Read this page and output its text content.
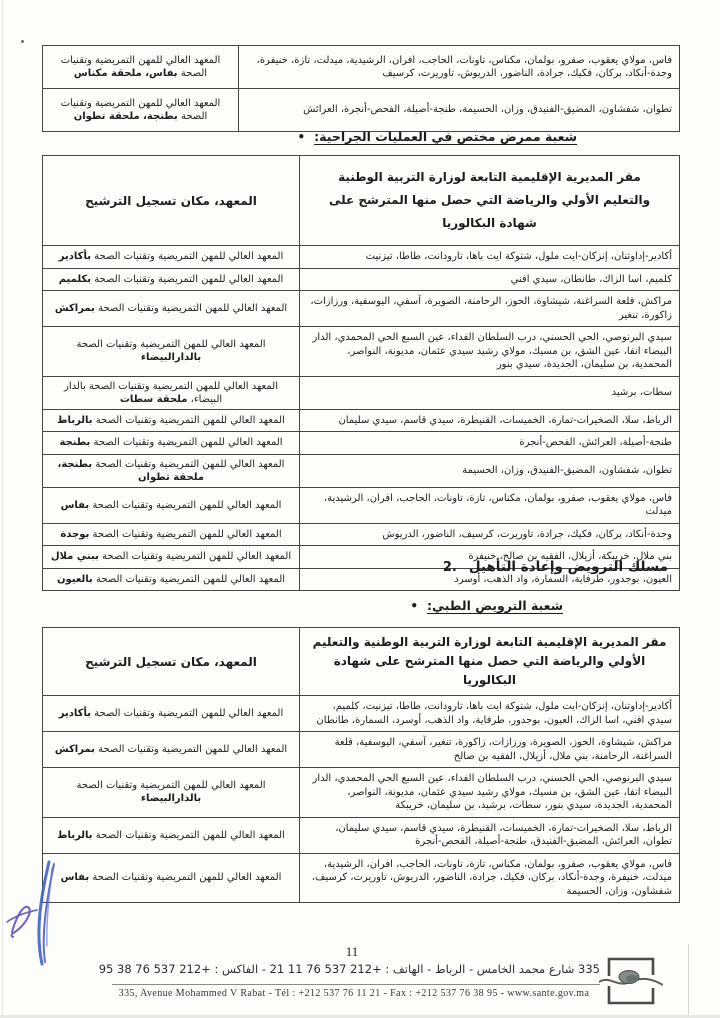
فاس، مولاي يعقوب، صفرو، بولمان، مكناس، تاونات، الحاجب، افران، الرشيدية، ميدلت، تازة، خنيفرة، وجدة-أنكاد، بركان، فكيك، جرادة، الناضور، الدريوش، تاوريرت، كرسيف	المعهد العالي للمهن التمريضية وتقنيات الصحة بفاس، ملحقة مكناس
تطوان، شفشاون، المضيق-الفنيدق، وزان، الحسيمة، طنجة-أصيلة، الفحص-أنجرة، العرائش	المعهد العالي للمهن التمريضية وتقنيات الصحة بطنجة، ملحقة تطوان
• شعبة ممرض مختص في العمليات الجراحية:
مقر المديرية الإقليمية التابعة لوزارة التربية الوطنية والتعليم الأولي والرياضة التي حصل منها المترشح على شهادة البكالوريا	المعهد، مكان تسجيل الترشيح
أكادير-إداوتنان، إنزكان-ايت ملول، شتوكة ايت باها، تارودانت، طاطا، تيزنيت	المعهد العالي للمهن التمريضية وتقنيات الصحة بأكادير
كلميم، اسا الزاك، طانطان، سيدي افني	المعهد العالي للمهن التمريضية وتقنيات الصحة بكلميم
مراكش، قلعة السراغنة، شيشاوة، الحوز، الرحامنة، الصويرة، آسفي، اليوسفية، ورزازات، زاكورة، تنغير	المعهد العالي للمهن التمريضية وتقنيات الصحة بمراكش
سيدي البرنوصي، الحي الحسني، درب السلطان الفداء، عين السبع الحي المحمدي، الدار البيضاء انفا، عين الشق، بن مسيك، مولاي رشيد سيدي عثمان، مديونة، النواصر، المحمدية، بن سليمان، الجديدة، سيدي بنور	المعهد العالي للمهن التمريضية وتقنيات الصحة بالدارالبيضاء
سطات، برشيد	المعهد العالي للمهن التمريضية وتقنيات الصحة بالدار البيضاء، ملحقة سطات
الرباط، سلا، الصخيرات-تمارة، الخميسات، القنيطرة، سيدي قاسم، سيدي سليمان	المعهد العالي للمهن التمريضية وتقنيات الصحة بالرباط
طنجة-أصيلة، العرائش، الفحص-أنجرة	المعهد العالي للمهن التمريضية وتقنيات الصحة بطنجة
تطوان، شفشاون، المضيق-الفنيدق، وزان، الحسيمة	المعهد العالي للمهن التمريضية وتقنيات الصحة بطنجة، ملحقة تطوان
فاس، مولاي يعقوب، صفرو، بولمان، مكناس، تازة، تاونات، الحاجب، افران، الرشيدية، ميدلت	المعهد العالي للمهن التمريضية وتقنيات الصحة بفاس
وجدة-أنكاد، بركان، فكيك، جرادة، تاوريرت، كرسيف، الناضور، الدريوش	المعهد العالي للمهن التمريضية وتقنيات الصحة بوجدة
بني ملال، خريبكة، أزيلال، الفقيه بن صالح، خنيفرة	المعهد العالي للمهن التمريضية وتقنيات الصحة ببني ملال
العيون، بوجدور، طرفاية، السمارة، واد الذهب، أوسرد	المعهد العالي للمهن التمريضية وتقنيات الصحة بالعيون
2. مسلك الترويض وإعادة التأهيل
• شعبة الترويض الطبي:
مقر المديرية الإقليمية التابعة لوزارة التربية الوطنية والتعليم الأولي والرياضة التي حصل منها المترشح على شهادة البكالوريا	المعهد، مكان تسجيل الترشيح
أكادير-إداوتنان، إنزكان-ايت ملول، شتوكة ايت باها، تارودانت، طاطا، تيزنيت، كلميم، سيدي افني، اسا الزاك، العيون، بوجدور، طرفاية، واد الذهب، أوسرد، السمارة، طانطان	المعهد العالي للمهن التمريضية وتقنيات الصحة بأكادير
مراكش، شيشاوة، الحوز، الصويرة، ورزازات، زاكورة، تنغير، آسفي، اليوسفية، قلعة السراغنة، الرحامنة، بني ملال، أزيلال، الفقيه بن صالح	المعهد العالي للمهن التمريضية وتقنيات الصحة بمراكش
سيدي البرنوصي، الحي الحسني، درب السلطان الفداء، عين السبع الحي المحمدي، الدار البيضاء انفا، عين الشق، بن مسيك، مولاي رشيد سيدي عثمان، مديونة، النواصر، المحمدية، الجديدة، سيدي بنور، سطات، برشيد، بن سليمان، خريبكة	المعهد العالي للمهن التمريضية وتقنيات الصحة بالدارالبيضاء
الرباط، سلا، الصخيرات-تمارة، الخميسات، القنيطرة، سيدي قاسم، سيدي سليمان، تطوان، العرائش، المضيق-الفنيدق، طنجة-أصيلة، الفحص-أنجرة	المعهد العالي للمهن التمريضية وتقنيات الصحة بالرباط
فاس، مولاي يعقوب، صفرو، بولمان، مكناس، تازة، تاونات، الحاجب، افران، الرشيدية، ميدلت، خنيفرة، وجدة-أنكاد، بركان، فكيك، جرادة، الناضور، الدريوش، تاوريرت، كرسيف، شفشاون، وزان، الحسيمة	المعهد العالي للمهن التمريضية وتقنيات الصحة بفاس
11
335 شارع محمد الخامس - الرباط - الهاتف : +212 537 76 11 21 - الفاكس : +212 537 76 38 95
335, Avenue Mohammed V Rabat - Tél : +212 537 76 11 21 - Fax : +212 537 76 38 95 - www.sante.gov.ma
